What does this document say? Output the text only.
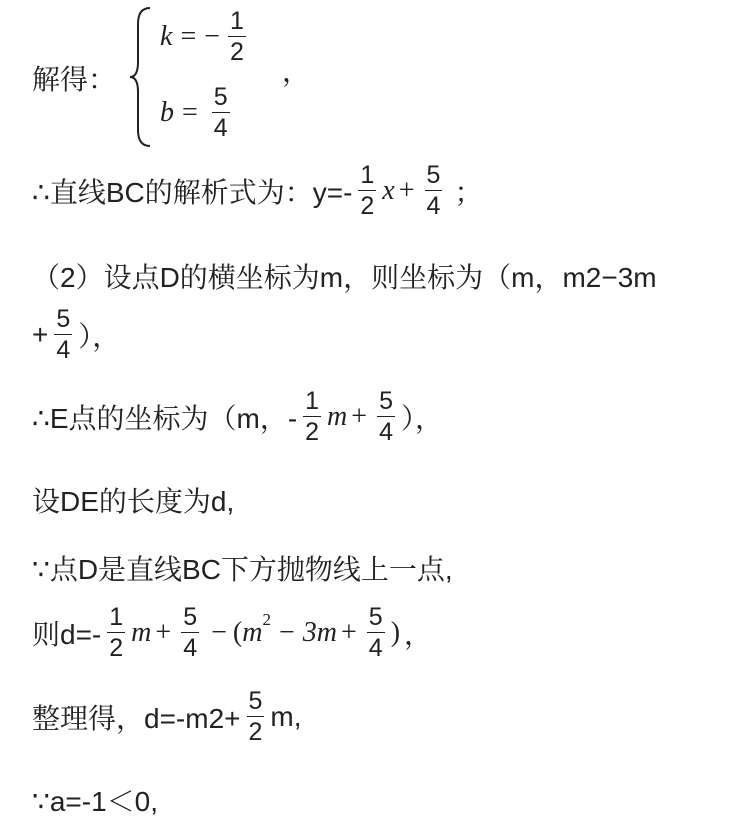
解得：
k = − $\frac{1}{2}$
$b = \frac{5}{4}$
，
∴直线BC的解析式为：$y=- \frac{1}{2}$ $x + \frac{5}{4}$ ；
（2）设点D的横坐标为m，则坐标为（m，m2−3m
+ $\frac{5}{4}$ ），
∴E点的坐标为（m，- $\frac{1}{2}$ $m + \frac{5}{4}$ ），
设DE的长度为d,
∵点D是直线BC下方抛物线上一点,
则$d=- \frac{1}{2}$ $m + \frac{5}{4}$ − ( $m^2 - 3m + \frac{5}{4}$ ) ，
整理得，$d=-m2+ \frac{5}{2} m$,
∵a=-1＜0,
